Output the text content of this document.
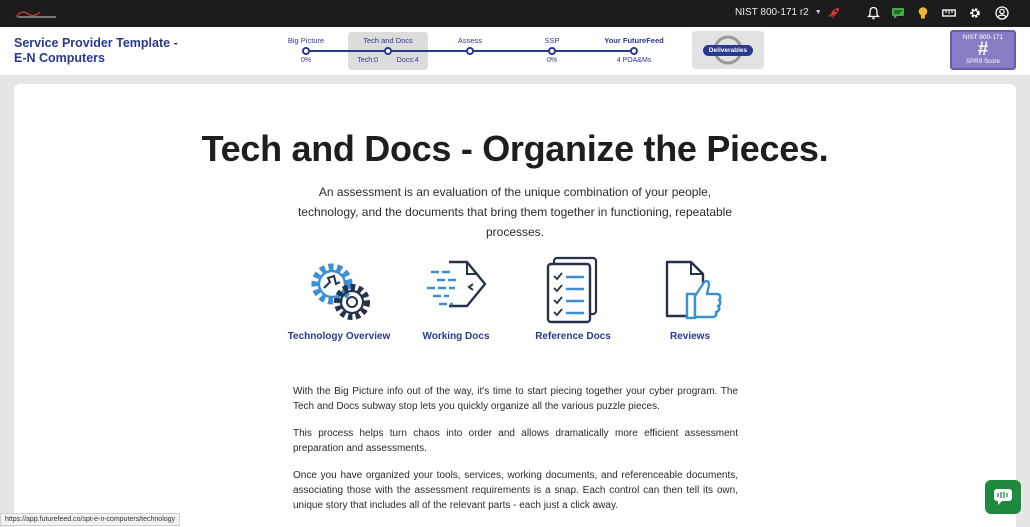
NIST 800-171 r2 ▼
Service Provider Template - E-N Computers
Big Picture
0%
Tech and Docs
Tech:0	Docs:4
Assess	SSP
0%
Your FutureFeed
4 POA&Ms
Deliverables
NIST 800-171
#
SPRS Score
Tech and Docs - Organize the Pieces.

An assessment is an evaluation of the unique combination of your people, technology, and the documents that bring them together in functioning, repeatable processes.

Technology Overview	Working Docs	Reference Docs	Reviews

With the Big Picture info out of the way, it's time to start piecing together your cyber program. The Tech and Docs subway stop lets you quickly organize all the various puzzle pieces.

This process helps turn chaos into order and allows dramatically more efficient assessment preparation and assessments.

Once you have organized your tools, services, working documents, and referenceable documents, associating those with the assessment requirements is a snap. Each control can then tell its own, unique story that includes all of the relevant parts - each just a click away.

https://app.futurefeed.co/spt-e-n-computers/technology
